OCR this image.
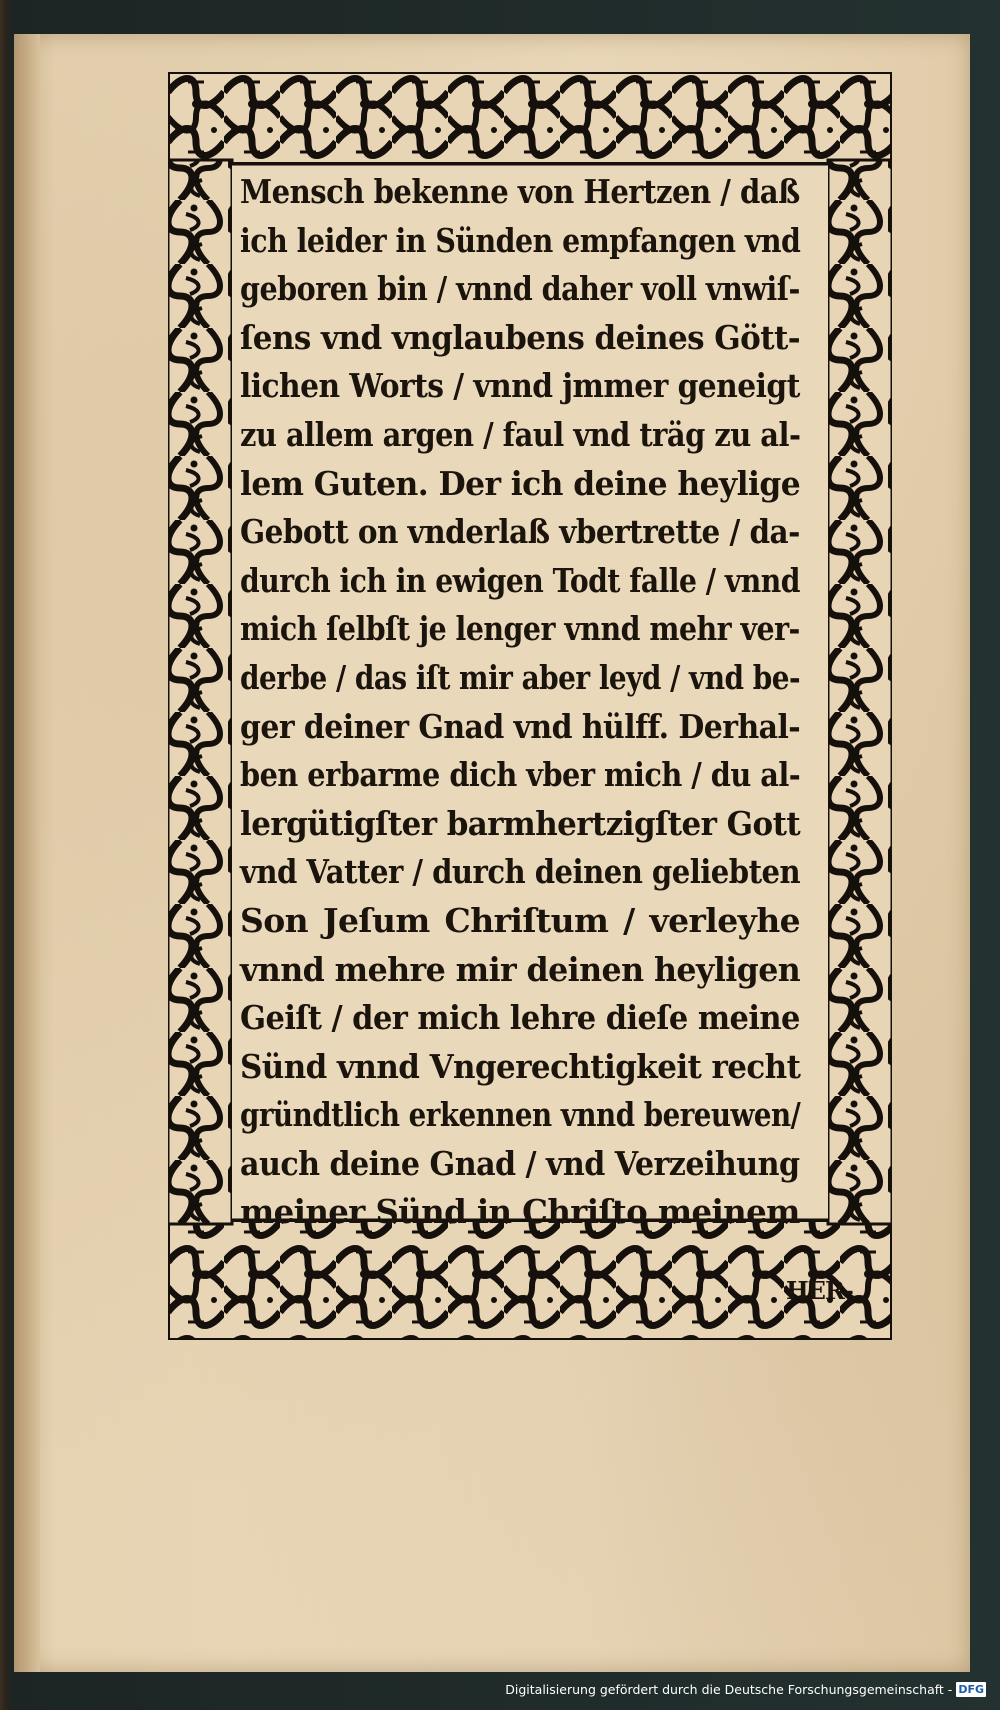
Mensch bekenne von Hertzen / daß
ich leider in Sünden empfangen vnd
geboren bin / vnnd daher voll vnwiſ-
ſens vnd vnglaubens deines Gött-
lichen Worts / vnnd jmmer geneigt
zu allem argen / faul vnd träg zu al-
lem Guten. Der ich deine heylige
Gebott on vnderlaß vbertrette / da-
durch ich in ewigen Todt falle / vnnd
mich ſelbſt je lenger vnnd mehr ver-
derbe / das iſt mir aber leyd / vnd be-
ger deiner Gnad vnd hülff. Derhal-
ben erbarme dich vber mich / du al-
lergütigſter barmhertzigſter Gott
vnd Vatter / durch deinen geliebten
Son Jeſum Chriſtum / verleyhe
vnnd mehre mir deinen heyligen
Geiſt / der mich lehre dieſe meine
Sünd vnnd Vngerechtigkeit recht
gründtlich erkennen vnnd bereuwen/
auch deine Gnad / vnd Verzeihung
meiner Sünd in Chriſto meinem
HER-
Digitalisierung gefördert durch die Deutsche Forschungsgemeinschaft - DFG
